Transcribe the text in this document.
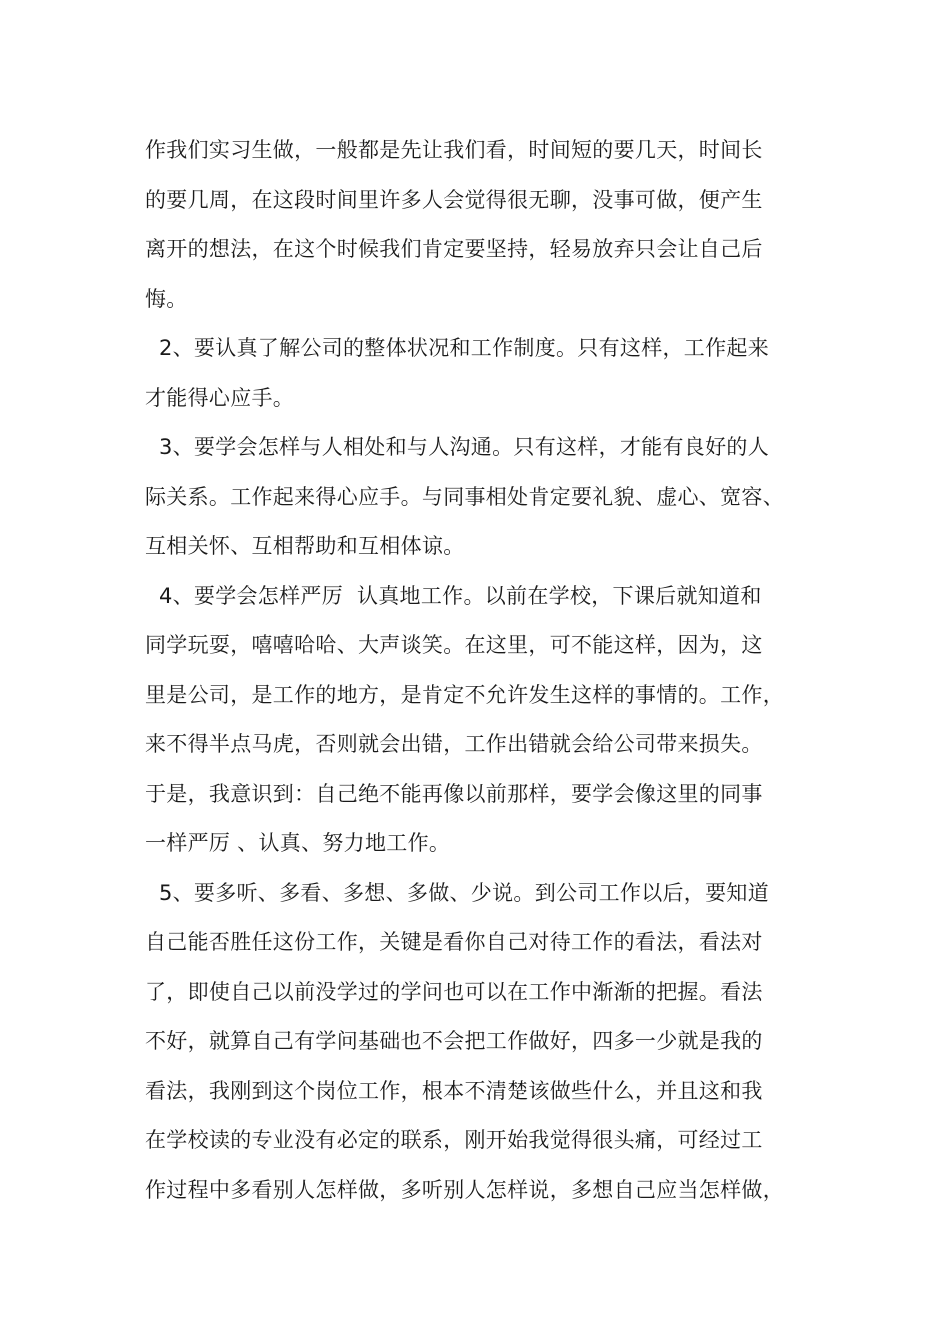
作我们实习生做，一般都是先让我们看，时间短的要几天，时间长
的要几周，在这段时间里许多人会觉得很无聊，没事可做，便产生
离开的想法，在这个时候我们肯定要坚持，轻易放弃只会让自己后
悔。
2、要认真了解公司的整体状况和工作制度。只有这样，工作起来
才能得心应手。
3、要学会怎样与人相处和与人沟通。只有这样，才能有良好的人
际关系。工作起来得心应手。与同事相处肯定要礼貌、虚心、宽容、
互相关怀、互相帮助和互相体谅。
4、要学会怎样严厉  认真地工作。以前在学校，下课后就知道和
同学玩耍，嘻嘻哈哈、大声谈笑。在这里，可不能这样，因为，这
里是公司，是工作的地方，是肯定不允许发生这样的事情的。工作，
来不得半点马虎，否则就会出错，工作出错就会给公司带来损失。
于是，我意识到：自己绝不能再像以前那样，要学会像这里的同事
一样严厉 、认真、努力地工作。
5、要多听、多看、多想、多做、少说。到公司工作以后，要知道
自己能否胜任这份工作，关键是看你自己对待工作的看法，看法对
了，即使自己以前没学过的学问也可以在工作中渐渐的把握。看法
不好，就算自己有学问基础也不会把工作做好，四多一少就是我的
看法，我刚到这个岗位工作，根本不清楚该做些什么，并且这和我
在学校读的专业没有必定的联系，刚开始我觉得很头痛，可经过工
作过程中多看别人怎样做，多听别人怎样说，多想自己应当怎样做，
